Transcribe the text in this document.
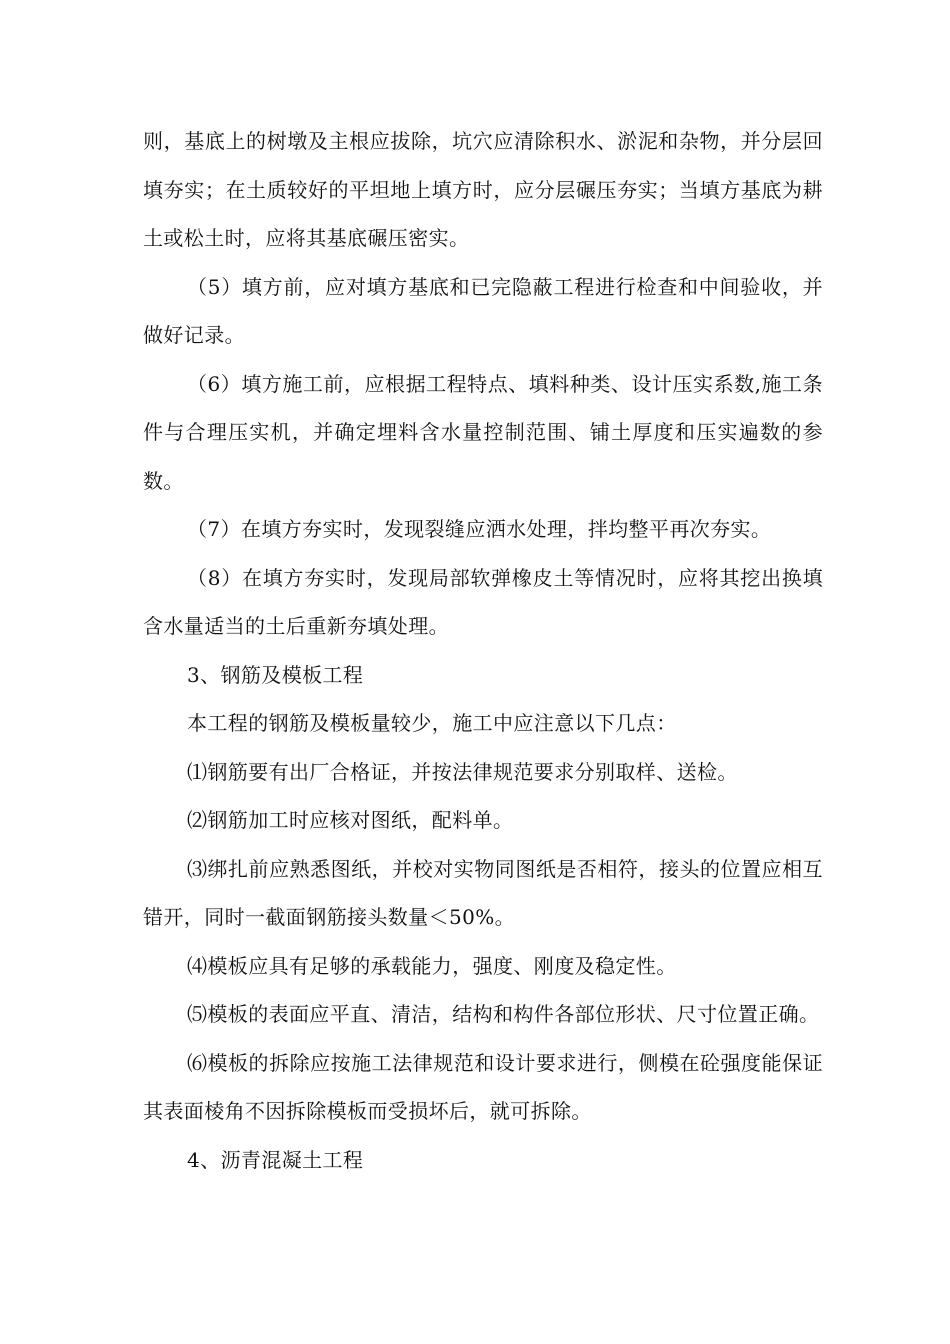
则，基底上的树墩及主根应拔除，坑穴应清除积水、淤泥和杂物，并分层回填夯实；在土质较好的平坦地上填方时，应分层碾压夯实；当填方基底为耕土或松土时，应将其基底碾压密实。

（5）填方前，应对填方基底和已完隐蔽工程进行检查和中间验收，并做好记录。

（6）填方施工前，应根据工程特点、填料种类、设计压实系数,施工条件与合理压实机，并确定埋料含水量控制范围、铺土厚度和压实遍数的参数。

（7）在填方夯实时，发现裂缝应洒水处理，拌均整平再次夯实。

（8）在填方夯实时，发现局部软弹橡皮土等情况时，应将其挖出换填含水量适当的土后重新夯填处理。

3、钢筋及模板工程

本工程的钢筋及模板量较少，施工中应注意以下几点：

⑴钢筋要有出厂合格证，并按法律规范要求分别取样、送检。

⑵钢筋加工时应核对图纸，配料单。

⑶绑扎前应熟悉图纸，并校对实物同图纸是否相符，接头的位置应相互错开，同时一截面钢筋接头数量＜50%。

⑷模板应具有足够的承载能力，强度、刚度及稳定性。

⑸模板的表面应平直、清洁，结构和构件各部位形状、尺寸位置正确。

⑹模板的拆除应按施工法律规范和设计要求进行，侧模在砼强度能保证其表面棱角不因拆除模板而受损坏后，就可拆除。

4、沥青混凝土工程
